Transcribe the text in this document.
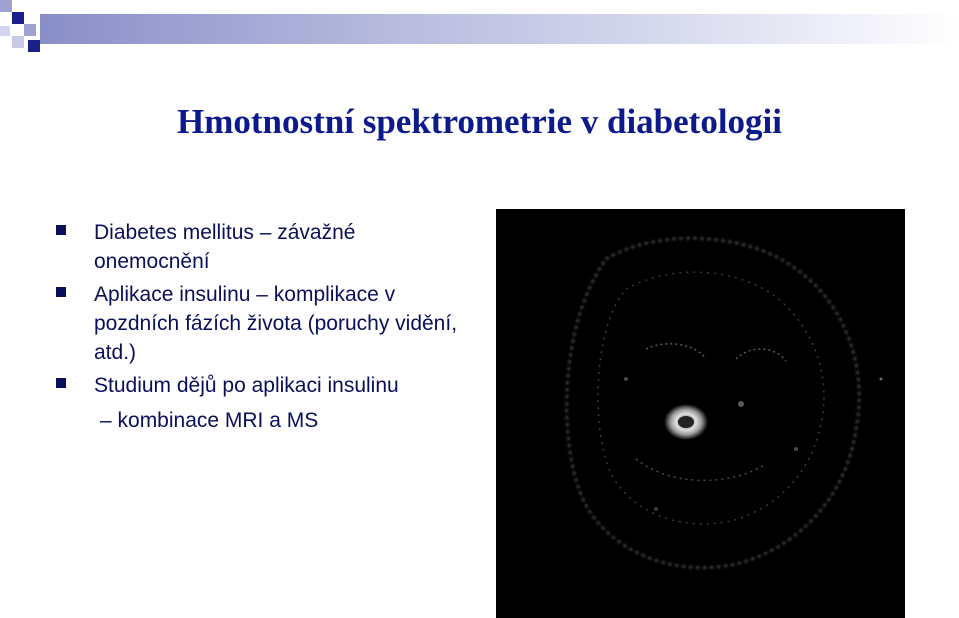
Hmotnostní spektrometrie v diabetologii
Diabetes mellitus – závažné onemocnění
Aplikace insulinu – komplikace v pozdních fázích života (poruchy vidění, atd.)
Studium dějů po aplikaci insulinu
– kombinace MRI a MS
